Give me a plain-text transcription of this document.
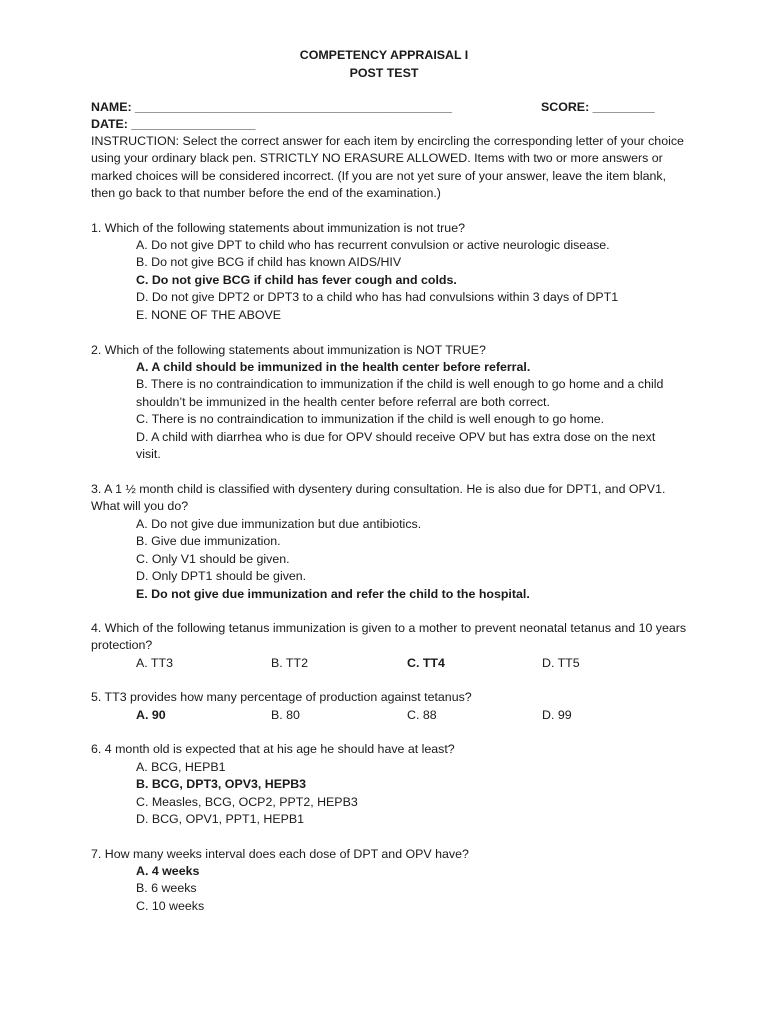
COMPETENCY APPRAISAL I
POST TEST
NAME: ______________________________________________	SCORE: _________
DATE: __________________
INSTRUCTION: Select the correct answer for each item by encircling the corresponding letter of your choice using your ordinary black pen. STRICTLY NO ERASURE ALLOWED. Items with two or more answers or marked choices will be considered incorrect. (If you are not yet sure of your answer, leave the item blank, then go back to that number before the end of the examination.)
1. Which of the following statements about immunization is not true?
A. Do not give DPT to child who has recurrent convulsion or active neurologic disease.
B. Do not give BCG if child has known AIDS/HIV
C. Do not give BCG if child has fever cough and colds.
D. Do not give DPT2 or DPT3 to a child who has had convulsions within 3 days of DPT1
E. NONE OF THE ABOVE
2. Which of the following statements about immunization is NOT TRUE?
A. A child should be immunized in the health center before referral.
B. There is no contraindication to immunization if the child is well enough to go home and a child shouldn’t be immunized in the health center before referral are both correct.
C. There is no contraindication to immunization if the child is well enough to go home.
D. A child with diarrhea who is due for OPV should receive OPV but has extra dose on the next visit.
3. A 1 ½ month child is classified with dysentery during consultation. He is also due for DPT1, and OPV1. What will you do?
A. Do not give due immunization but due antibiotics.
B. Give due immunization.
C. Only V1 should be given.
D. Only DPT1 should be given.
E. Do not give due immunization and refer the child to the hospital.
4. Which of the following tetanus immunization is given to a mother to prevent neonatal tetanus and 10 years protection?
A. TT3	B. TT2	C. TT4	D. TT5
5. TT3 provides how many percentage of production against tetanus?
A. 90	B. 80	C. 88	D. 99
6. 4 month old is expected that at his age he should have at least?
A. BCG, HEPB1
B. BCG, DPT3, OPV3, HEPB3
C. Measles, BCG, OCP2, PPT2, HEPB3
D. BCG, OPV1, PPT1, HEPB1
7. How many weeks interval does each dose of DPT and OPV have?
A. 4 weeks
B. 6 weeks
C. 10 weeks
